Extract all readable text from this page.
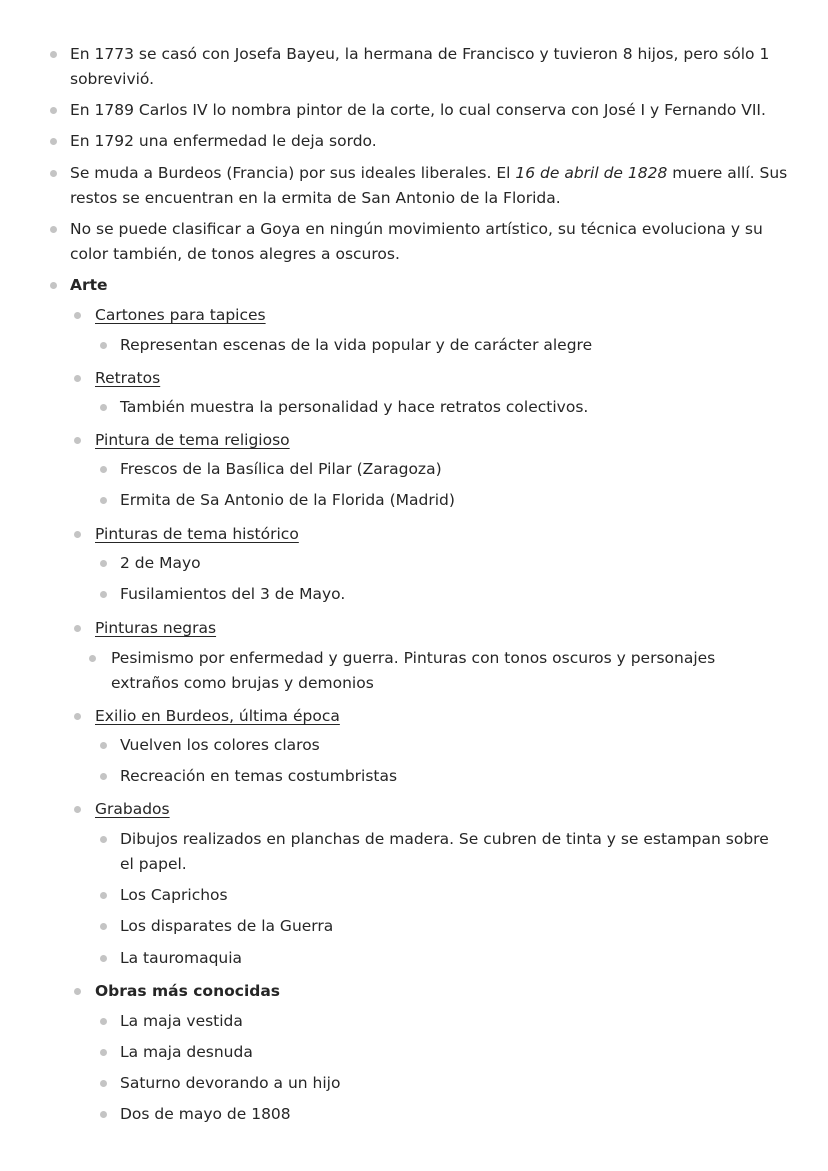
En 1773 se casó con Josefa Bayeu, la hermana de Francisco y tuvieron 8 hijos, pero sólo 1 sobrevivió.
En 1789 Carlos IV lo nombra pintor de la corte, lo cual conserva con José I y Fernando VII.
En 1792 una enfermedad le deja sordo.
Se muda a Burdeos (Francia) por sus ideales liberales. El 16 de abril de 1828 muere allí. Sus restos se encuentran en la ermita de San Antonio de la Florida.
No se puede clasificar a Goya en ningún movimiento artístico, su técnica evoluciona y su color también, de tonos alegres a oscuros.
Arte
Cartones para tapices
Representan escenas de la vida popular y de carácter alegre
Retratos
También muestra la personalidad y hace retratos colectivos.
Pintura de tema religioso
Frescos de la Basílica del Pilar (Zaragoza)
Ermita de Sa Antonio de la Florida (Madrid)
Pinturas de tema histórico
2 de Mayo
Fusilamientos del 3 de Mayo.
Pinturas negras
Pesimismo por enfermedad y guerra. Pinturas con tonos oscuros y personajes extraños como brujas y demonios
Exilio en Burdeos, última época
Vuelven los colores claros
Recreación en temas costumbristas
Grabados
Dibujos realizados en planchas de madera. Se cubren de tinta y se estampan sobre el papel.
Los Caprichos
Los disparates de la Guerra
La tauromaquia
Obras más conocidas
La maja vestida
La maja desnuda
Saturno devorando a un hijo
Dos de mayo de 1808
